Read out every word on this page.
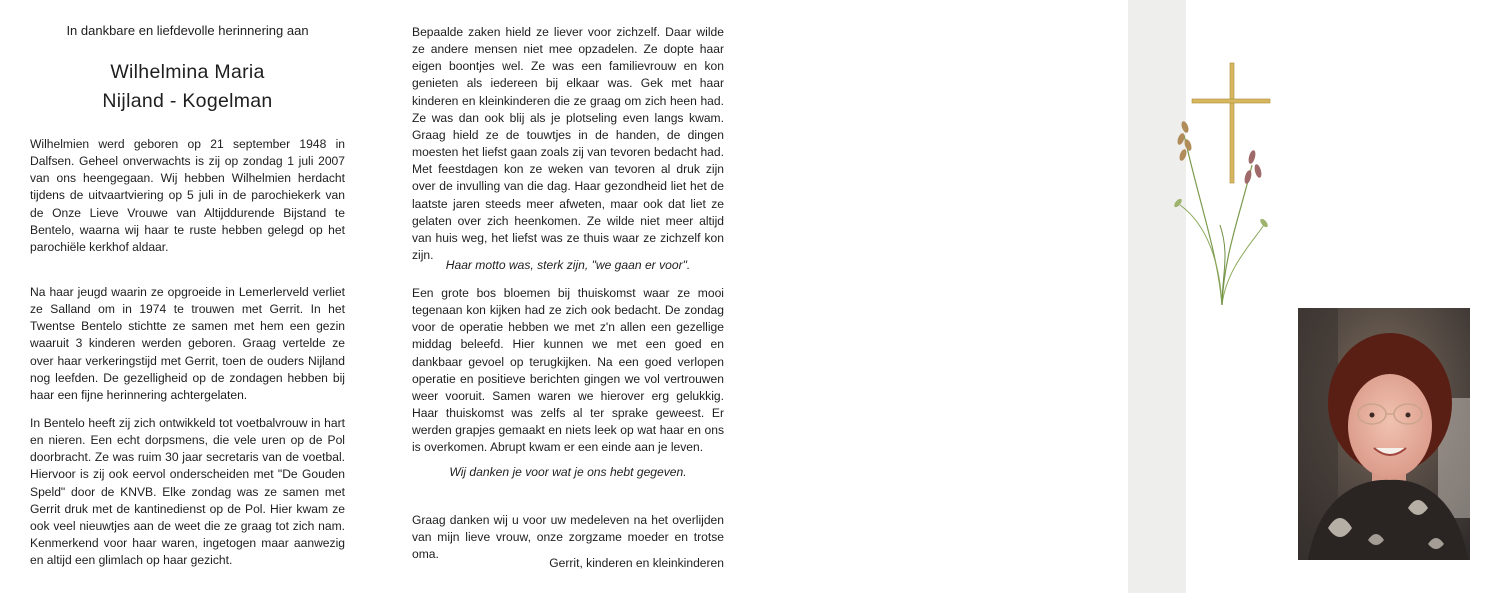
In dankbare en liefdevolle herinnering aan
Wilhelmina Maria
Nijland - Kogelman

Wilhelmien werd geboren op 21 september 1948 in Dalfsen. Geheel onverwachts is zij op zondag 1 juli 2007 van ons heengegaan. Wij hebben Wilhelmien herdacht tijdens de uitvaartviering op 5 juli in de parochiekerk van de Onze Lieve Vrouwe van Altijddurende Bijstand te Bentelo, waarna wij haar te ruste hebben gelegd op het parochiële kerkhof aldaar.

Na haar jeugd waarin ze opgroeide in Lemerlerveld verliet ze Salland om in 1974 te trouwen met Gerrit. In het Twentse Bentelo stichtte ze samen met hem een gezin waaruit 3 kinderen werden geboren. Graag vertelde ze over haar verkeringstijd met Gerrit, toen de ouders Nijland nog leefden. De gezelligheid op de zondagen hebben bij haar een fijne herinnering achtergelaten.

In Bentelo heeft zij zich ontwikkeld tot voetbalvrouw in hart en nieren. Een echt dorpsmens, die vele uren op de Pol doorbracht. Ze was ruim 30 jaar secretaris van de voetbal. Hiervoor is zij ook eervol onderscheiden met "De Gouden Speld" door de KNVB. Elke zondag was ze samen met Gerrit druk met de kantinedienst op de Pol. Hier kwam ze ook veel nieuwtjes aan de weet die ze graag tot zich nam. Kenmerkend voor haar waren, ingetogen maar aanwezig en altijd een glimlach op haar gezicht.

Bepaalde zaken hield ze liever voor zichzelf. Daar wilde ze andere mensen niet mee opzadelen. Ze dopte haar eigen boontjes wel. Ze was een familievrouw en kon genieten als iedereen bij elkaar was. Gek met haar kinderen en kleinkinderen die ze graag om zich heen had. Ze was dan ook blij als je plotseling even langs kwam. Graag hield ze de touwtjes in de handen, de dingen moesten het liefst gaan zoals zij van tevoren bedacht had. Met feestdagen kon ze weken van tevoren al druk zijn over de invulling van die dag. Haar gezondheid liet het de laatste jaren steeds meer afweten, maar ook dat liet ze gelaten over zich heenkomen. Ze wilde niet meer altijd van huis weg, het liefst was ze thuis waar ze zichzelf kon zijn.

Haar motto was, sterk zijn, "we gaan er voor".

Een grote bos bloemen bij thuiskomst waar ze mooi tegenaan kon kijken had ze zich ook bedacht. De zondag voor de operatie hebben we met z'n allen een gezellige middag beleefd. Hier kunnen we met een goed en dankbaar gevoel op terugkijken. Na een goed verlopen operatie en positieve berichten gingen we vol vertrouwen weer vooruit. Samen waren we hierover erg gelukkig. Haar thuiskomst was zelfs al ter sprake geweest. Er werden grapjes gemaakt en niets leek op wat haar en ons is overkomen. Abrupt kwam er een einde aan je leven.

Wij danken je voor wat je ons hebt gegeven.

Graag danken wij u voor uw medeleven na het overlijden van mijn lieve vrouw, onze zorgzame moeder en trotse oma.

Gerrit, kinderen en kleinkinderen
